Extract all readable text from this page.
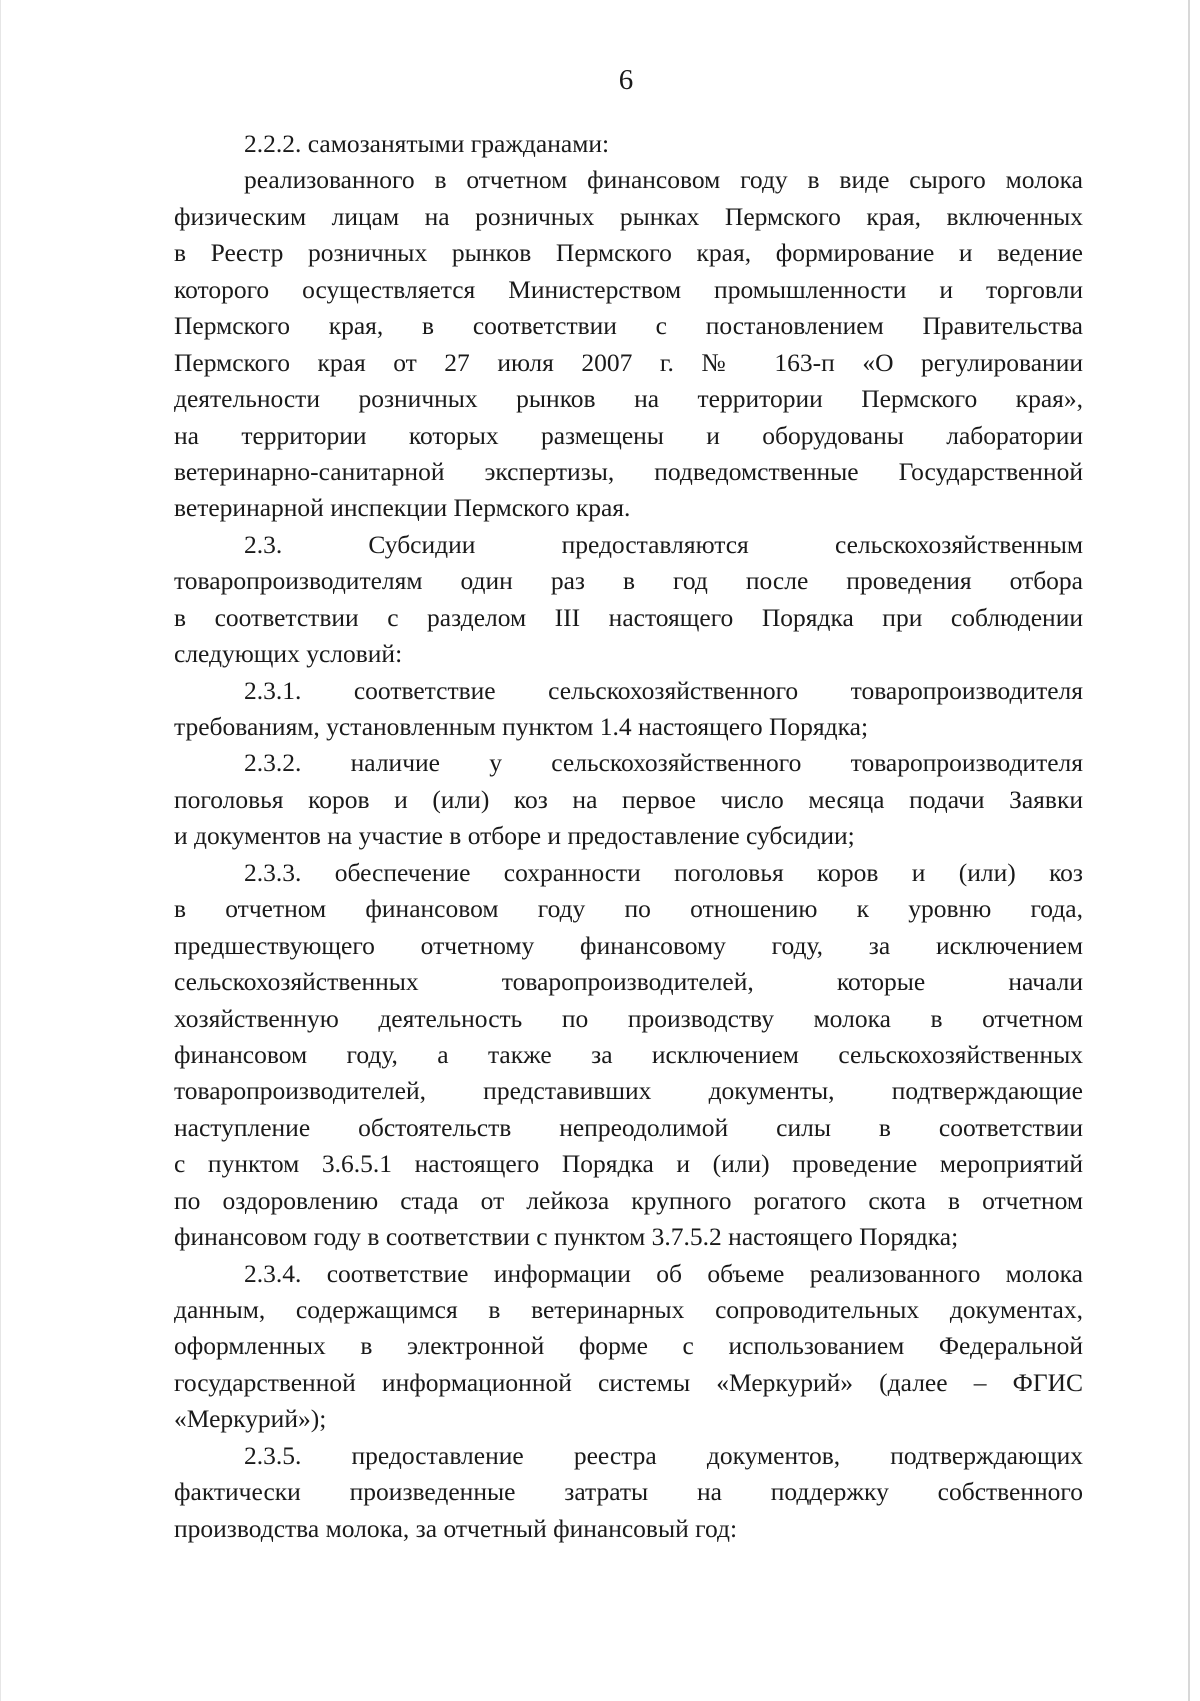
6
2.2.2. самозанятыми гражданами:
реализованного в отчетном финансовом году в виде сырого молока
физическим лицам на розничных рынках Пермского края, включенных
в Реестр розничных рынков Пермского края, формирование и ведение
которого осуществляется Министерством промышленности и торговли
Пермского края, в соответствии с постановлением Правительства
Пермского края от 27 июля 2007 г. № 163-п «О регулировании
деятельности розничных рынков на территории Пермского края»,
на территории которых размещены и оборудованы лаборатории
ветеринарно-санитарной экспертизы, подведомственные Государственной
ветеринарной инспекции Пермского края.
2.3. Субсидии предоставляются сельскохозяйственным
товаропроизводителям один раз в год после проведения отбора
в соответствии с разделом III настоящего Порядка при соблюдении
следующих условий:
2.3.1. соответствие сельскохозяйственного товаропроизводителя
требованиям, установленным пунктом 1.4 настоящего Порядка;
2.3.2. наличие у сельскохозяйственного товаропроизводителя
поголовья коров и (или) коз на первое число месяца подачи Заявки
и документов на участие в отборе и предоставление субсидии;
2.3.3. обеспечение сохранности поголовья коров и (или) коз
в отчетном финансовом году по отношению к уровню года,
предшествующего отчетному финансовому году, за исключением
сельскохозяйственных товаропроизводителей, которые начали
хозяйственную деятельность по производству молока в отчетном
финансовом году, а также за исключением сельскохозяйственных
товаропроизводителей, представивших документы, подтверждающие
наступление обстоятельств непреодолимой силы в соответствии
с пунктом 3.6.5.1 настоящего Порядка и (или) проведение мероприятий
по оздоровлению стада от лейкоза крупного рогатого скота в отчетном
финансовом году в соответствии с пунктом 3.7.5.2 настоящего Порядка;
2.3.4. соответствие информации об объеме реализованного молока
данным, содержащимся в ветеринарных сопроводительных документах,
оформленных в электронной форме с использованием Федеральной
государственной информационной системы «Меркурий» (далее – ФГИС
«Меркурий»);
2.3.5. предоставление реестра документов, подтверждающих
фактически произведенные затраты на поддержку собственного
производства молока, за отчетный финансовый год:
